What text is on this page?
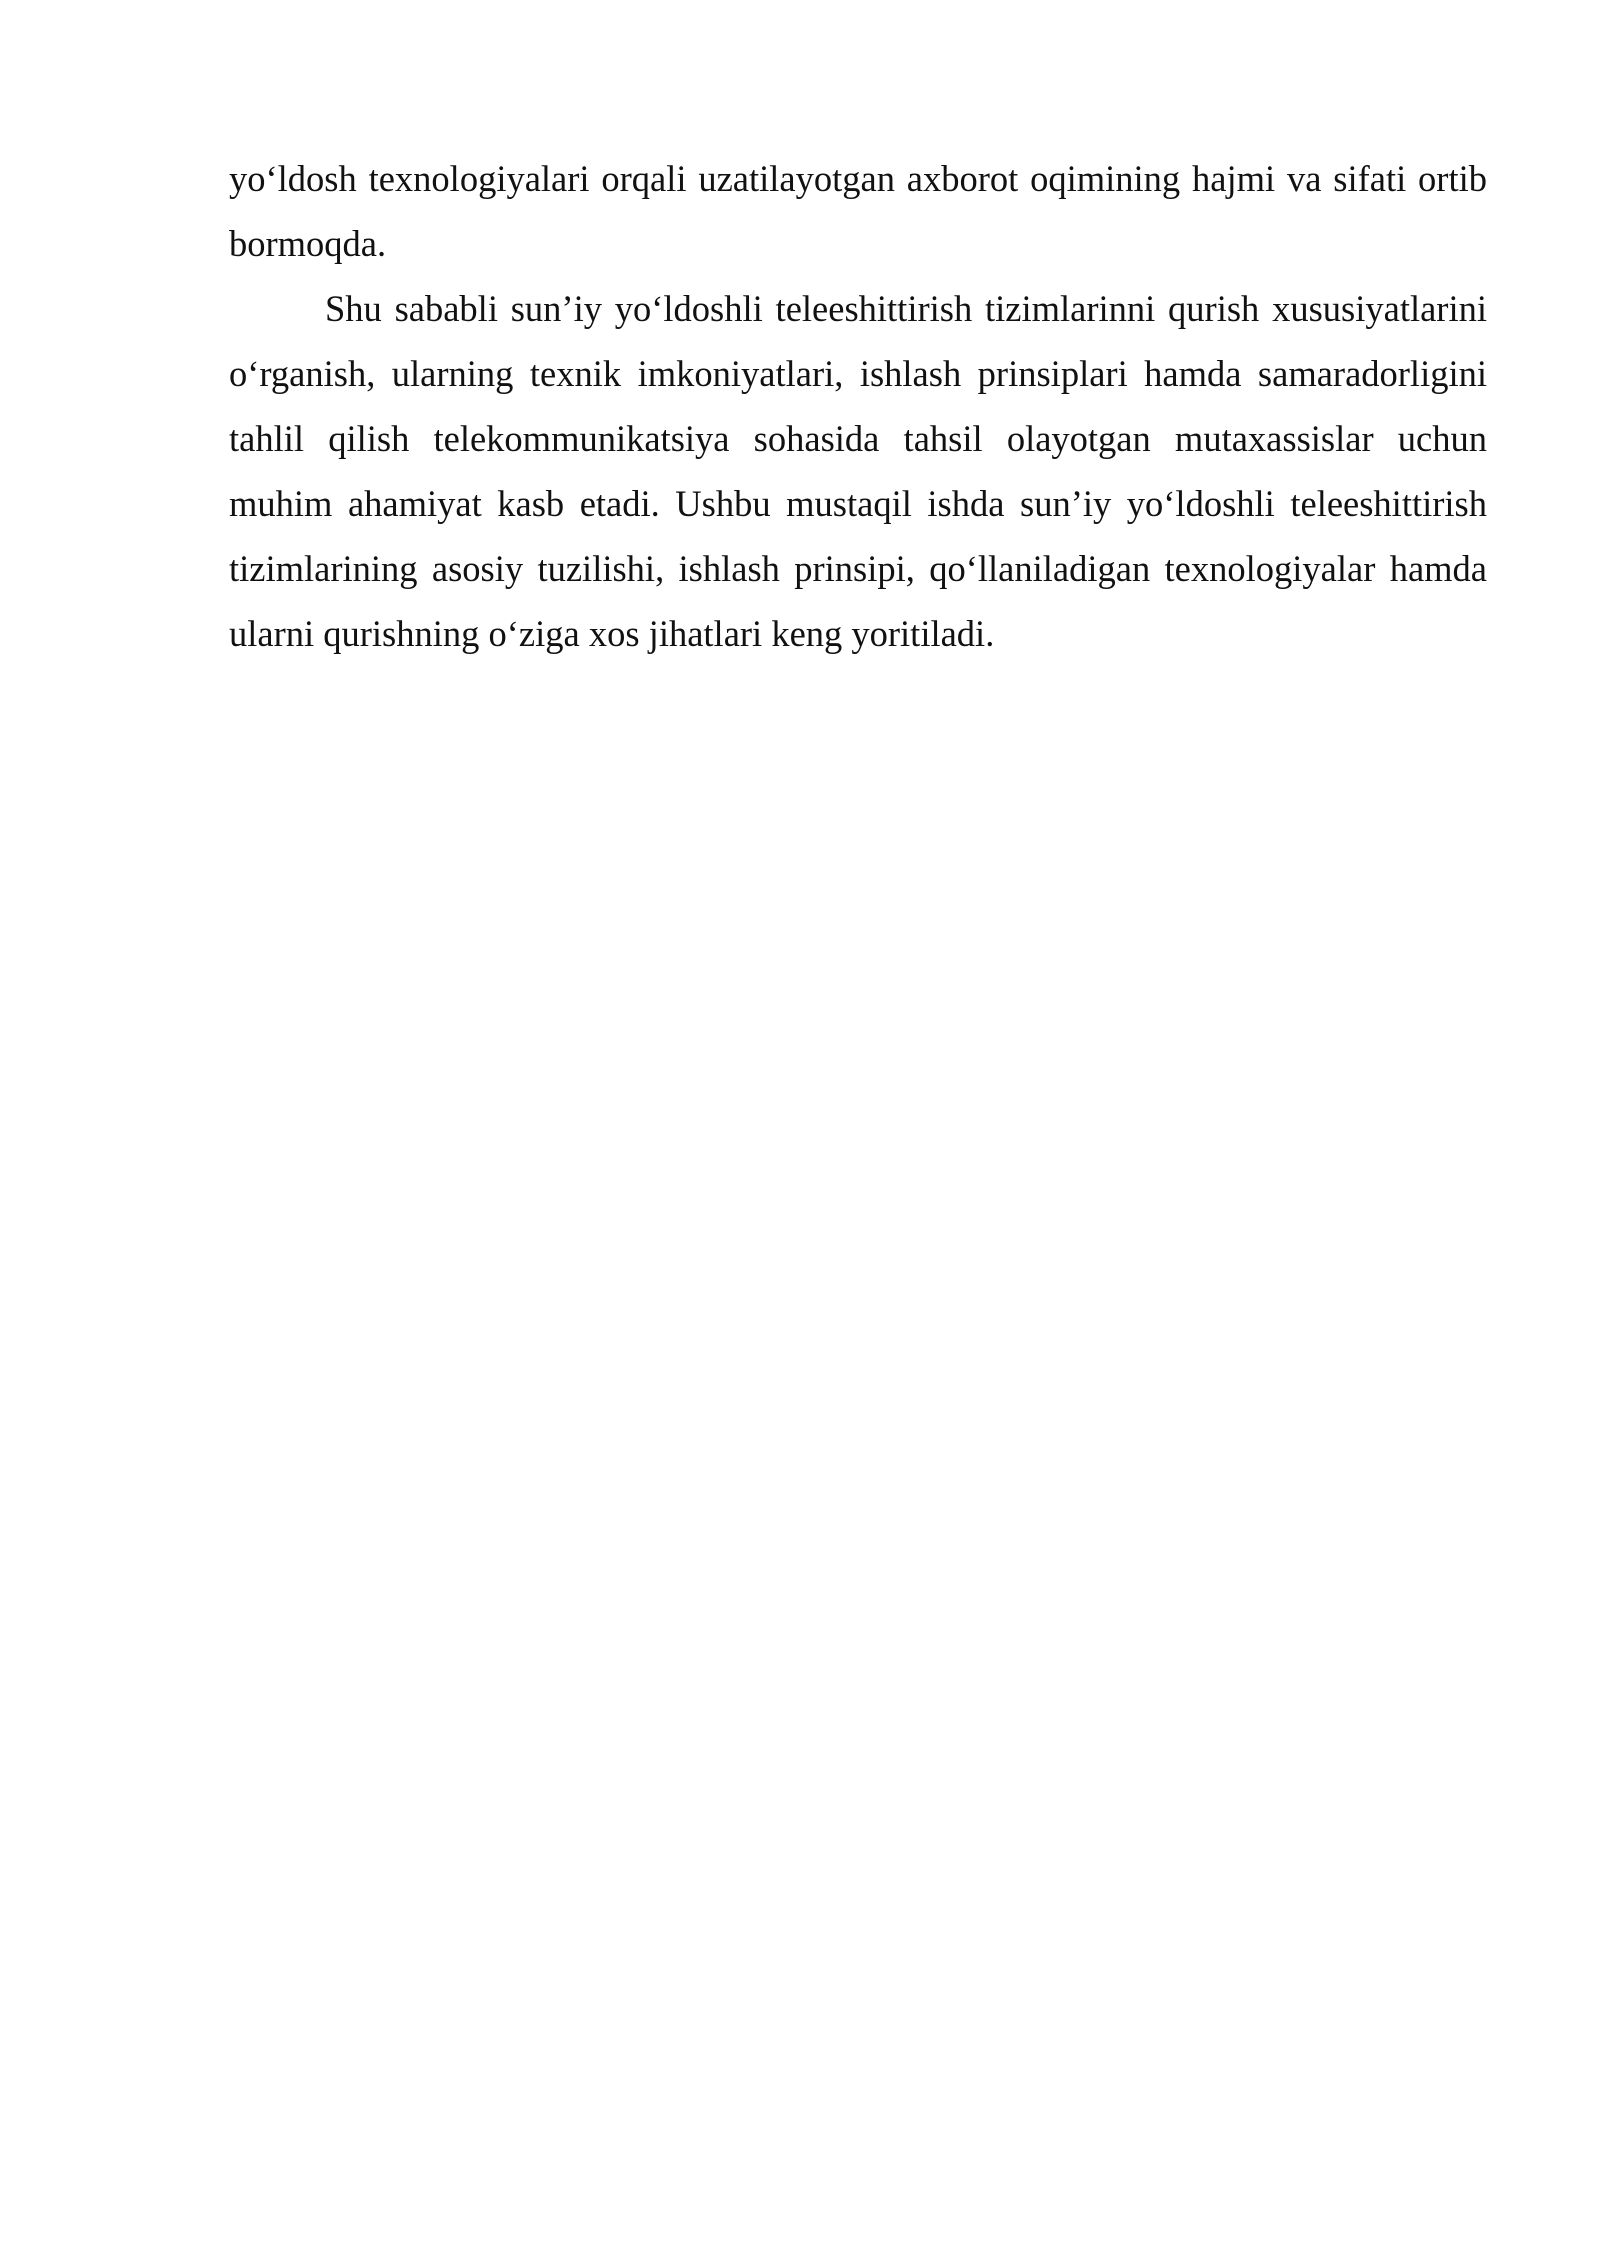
yo‘ldosh texnologiyalari orqali uzatilayotgan axborot oqimining hajmi va sifati ortib bormoqda.

Shu sababli sun’iy yo‘ldoshli teleeshittirish tizimlarinni qurish xususiyatlarini o‘rganish, ularning texnik imkoniyatlari, ishlash prinsiplari hamda samaradorligini tahlil qilish telekommunikatsiya sohasida tahsil olayotgan mutaxassislar uchun muhim ahamiyat kasb etadi. Ushbu mustaqil ishda sun’iy yo‘ldoshli teleeshittirish tizimlarining asosiy tuzilishi, ishlash prinsipi, qo‘llaniladigan texnologiyalar hamda ularni qurishning o‘ziga xos jihatlari keng yoritiladi.
